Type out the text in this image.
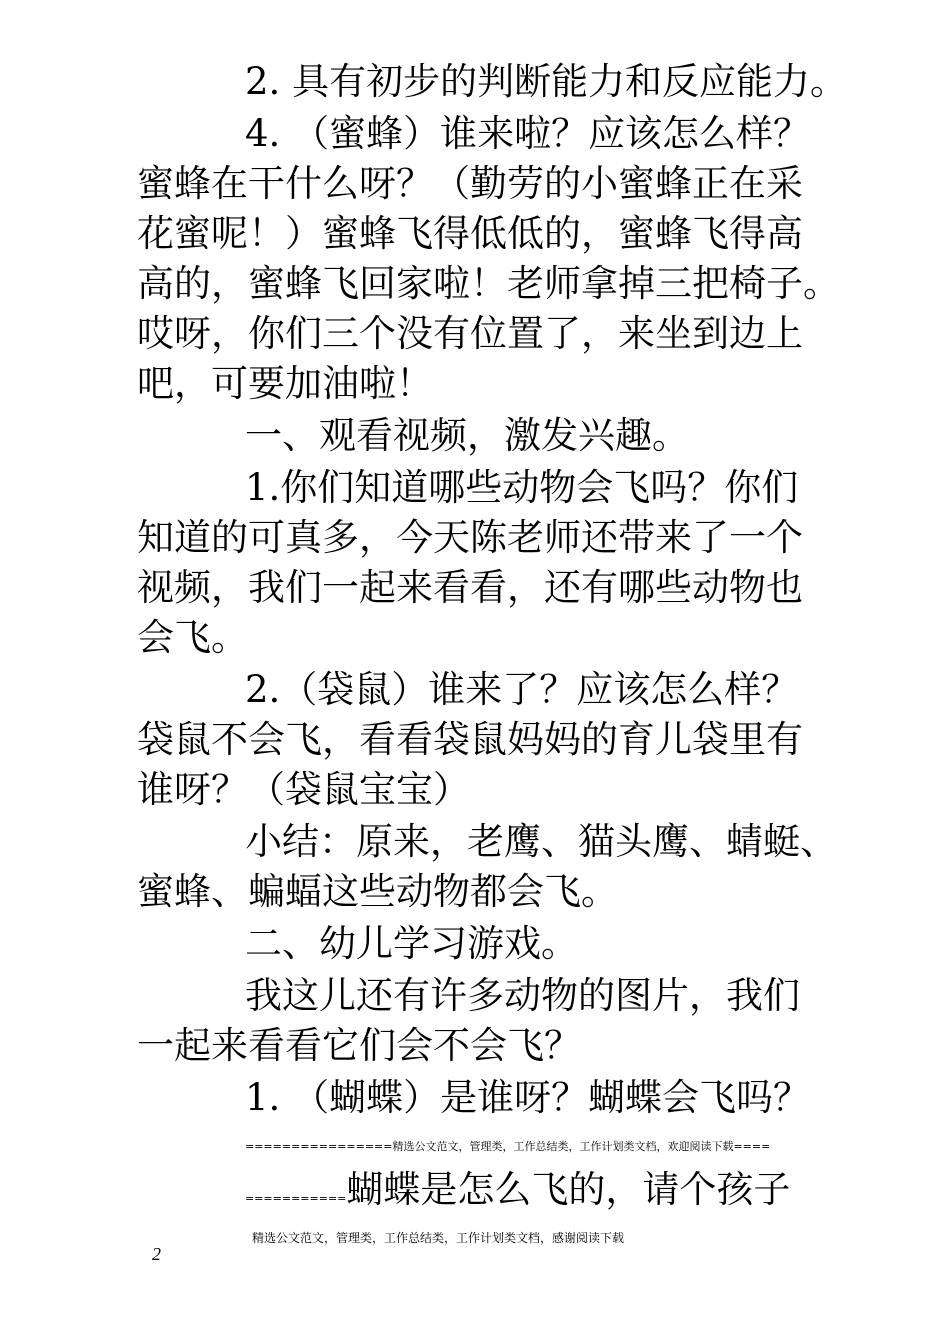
2. 具有初步的判断能力和反应能力。
4. （蜜蜂）谁来啦？应该怎么样？
蜜蜂在干什么呀？（勤劳的小蜜蜂正在采
花蜜呢！）蜜蜂飞得低低的，蜜蜂飞得高
高的，蜜蜂飞回家啦！老师拿掉三把椅子。
哎呀，你们三个没有位置了，来坐到边上
吧，可要加油啦！
一、观看视频，激发兴趣。
1.你们知道哪些动物会飞吗？你们
知道的可真多，今天陈老师还带来了一个
视频，我们一起来看看，还有哪些动物也
会飞。
2.（袋鼠）谁来了？应该怎么样？
袋鼠不会飞，看看袋鼠妈妈的育儿袋里有
谁呀？（袋鼠宝宝）
小结：原来，老鹰、猫头鹰、蜻蜓、
蜜蜂、蝙蝠这些动物都会飞。
二、幼儿学习游戏。
我这儿还有许多动物的图片，我们
一起来看看它们会不会飞？
1. （蝴蝶）是谁呀？蝴蝶会飞吗？
================精选公文范文，管理类，工作总结类，工作计划类文档，欢迎阅读下载====
===========蝴蝶是怎么飞的，请个孩子
精选公文范文，管理类，工作总结类，工作计划类文档，感谢阅读下载
2
